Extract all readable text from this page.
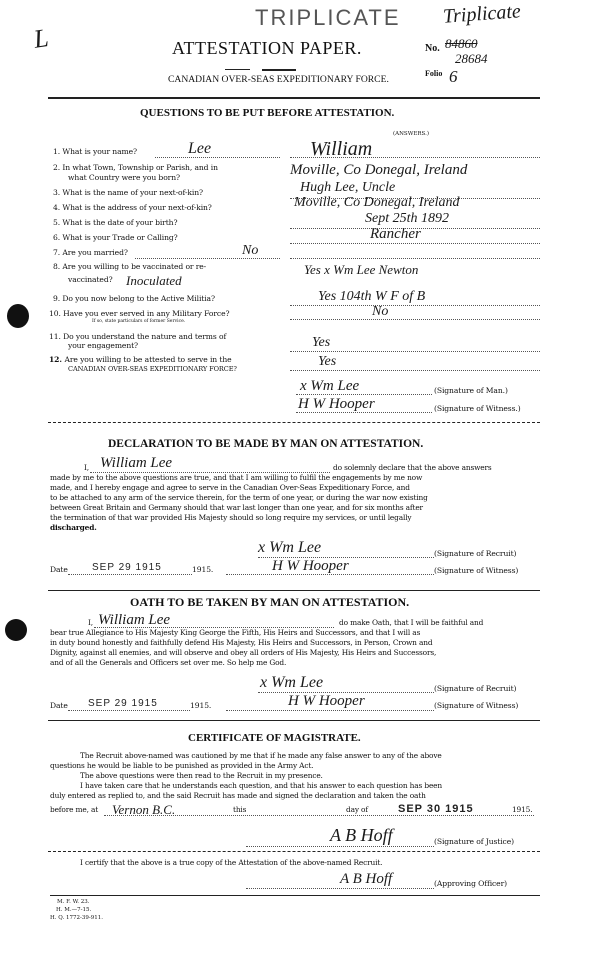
L
TRIPLICATE Triplicate
ATTESTATION PAPER.	No. 84860
28684
Folio 6
CANADIAN OVER-SEAS EXPEDITIONARY FORCE.
QUESTIONS TO BE PUT BEFORE ATTESTATION.
(ANSWERS.)
1. What is your name?	Lee	William
2. In what Town, Township or Parish, and in
what Country were you born?	Moville, Co Donegal, Ireland
3. What is the name of your next-of-kin?	Hugh Lee, Uncle
4. What is the address of your next-of-kin?	Moville, Co Donegal, Ireland
5. What is the date of your birth?	Sept 25th 1892
6. What is your Trade or Calling?	Rancher
7. Are you married?	No
8. Are you willing to be vaccinated or re-
vaccinated? Inoculated
Yes x Wm Lee Newton
9. Do you now belong to the Active Militia?	Yes 104th W F of B
10. Have you ever served in any Military Force?
If so, state particulars of former Service.
No
11. Do you understand the nature and terms of
your engagement?	Yes
12. Are you willing to be attested to serve in the
CANADIAN OVER-SEAS EXPEDITIONARY FORCE?	Yes
x Wm Lee	(Signature of Man.)
H W Hooper	(Signature of Witness.)
DECLARATION TO BE MADE BY MAN ON ATTESTATION.
I, William Lee	do solemnly declare that the above answers
made by me to the above questions are true, and that I am willing to fulfil the engagements by me now
made, and I hereby engage and agree to serve in the Canadian Over-Seas Expeditionary Force, and
to be attached to any arm of the service therein, for the term of one year, or during the war now existing
between Great Britain and Germany should that war last longer than one year, and for six months after
the termination of that war provided His Majesty should so long require my services, or until legally
discharged.
x Wm Lee	(Signature of Recruit)
Date SEP 29 1915	1915.	H W Hooper	(Signature of Witness)
OATH TO BE TAKEN BY MAN ON ATTESTATION.
I, William Lee	do make Oath, that I will be faithful and
bear true Allegiance to His Majesty King George the Fifth, His Heirs and Successors, and that I will as
in duty bound honestly and faithfully defend His Majesty, His Heirs and Successors, in Person, Crown and
Dignity, against all enemies, and will observe and obey all orders of His Majesty, His Heirs and Successors,
and of all the Generals and Officers set over me. So help me God.
x Wm Lee	(Signature of Recruit)
Date SEP 29 1915	1915.	H W Hooper	(Signature of Witness)
CERTIFICATE OF MAGISTRATE.
The Recruit above-named was cautioned by me that if he made any false answer to any of the above
questions he would be liable to be punished as provided in the Army Act.
The above questions were then read to the Recruit in my presence.
I have taken care that he understands each question, and that his answer to each question has been
duly entered as replied to, and the said Recruit has made and signed the declaration and taken the oath
before me, at Vernon B.C.	this	day of	SEP 30 1915	1915.
A B Hoff	(Signature of Justice)
I certify that the above is a true copy of the Attestation of the above-named Recruit.
A B Hoff	(Approving Officer)
M. F. W. 23.
H. M.—7-15.
H. Q. 1772-39-911.
